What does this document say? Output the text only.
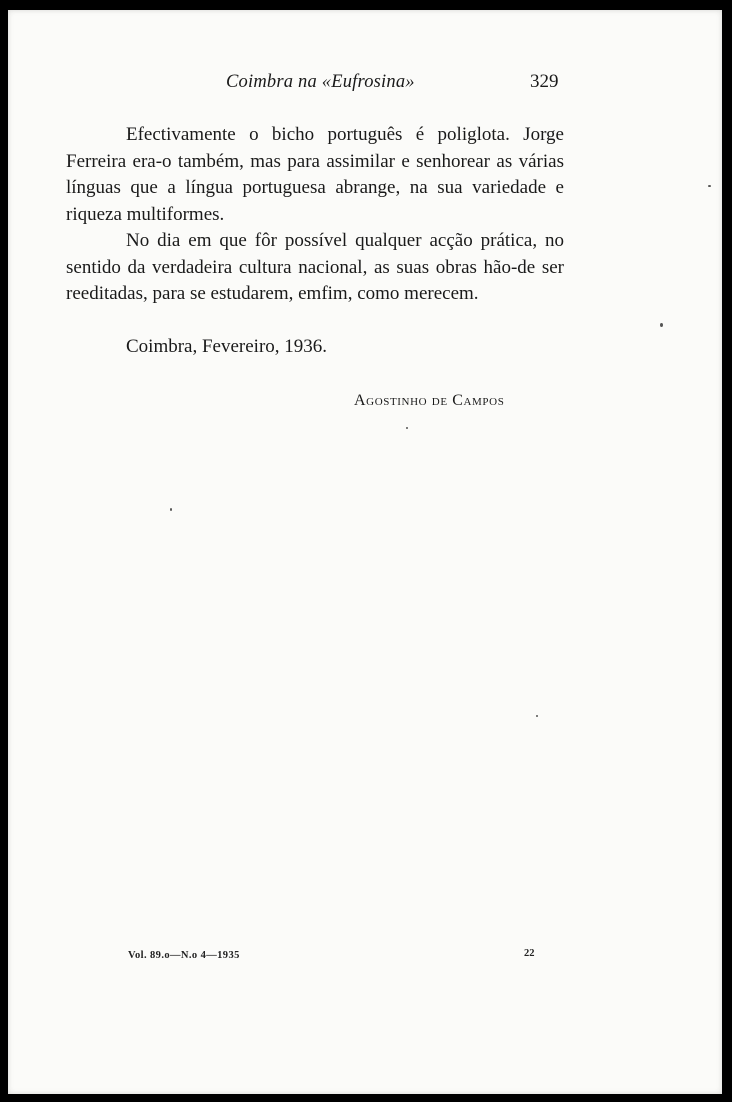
Coimbra na «Eufrosina»	329

Efectivamente o bicho português é poliglota. Jorge Ferreira era-o também, mas para assimilar e senhorear as várias línguas que a língua portuguesa abrange, na sua variedade e riqueza multiformes.

No dia em que fôr possível qualquer acção prática, no sentido da verdadeira cultura nacional, as suas obras hão-de ser reeditadas, para se estudarem, emfim, como merecem.

Coimbra, Fevereiro, 1936.
Agostinho de Campos
Vol. 89.o—N.o 4—1935	22
